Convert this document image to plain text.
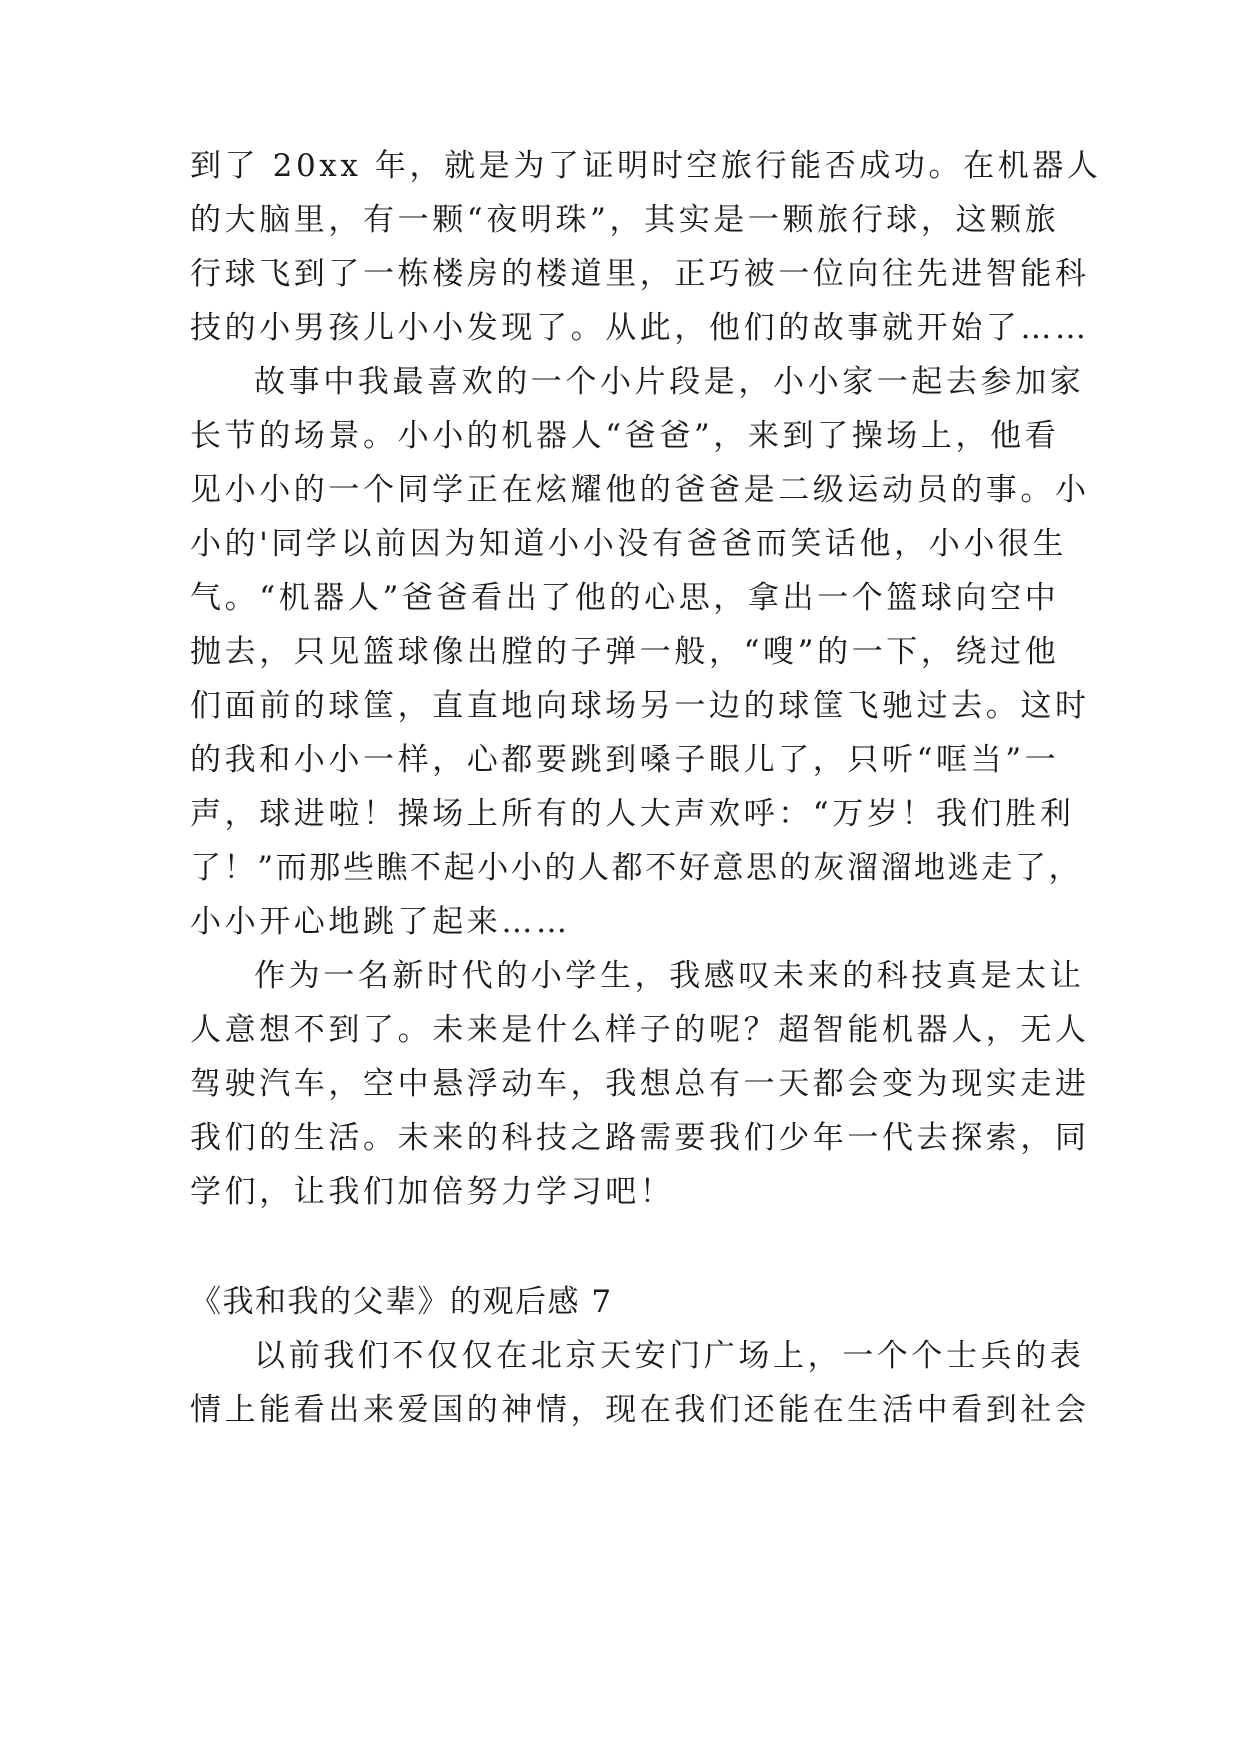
到了 20xx 年，就是为了证明时空旅行能否成功。在机器人
的大脑里，有一颗“夜明珠”，其实是一颗旅行球，这颗旅
行球飞到了一栋楼房的楼道里，正巧被一位向往先进智能科
技的小男孩儿小小发现了。从此，他们的故事就开始了……
故事中我最喜欢的一个小片段是，小小家一起去参加家
长节的场景。小小的机器人“爸爸”，来到了操场上，他看
见小小的一个同学正在炫耀他的爸爸是二级运动员的事。小
小的'同学以前因为知道小小没有爸爸而笑话他，小小很生
气。“机器人”爸爸看出了他的心思，拿出一个篮球向空中
抛去，只见篮球像出膛的子弹一般，“嗖”的一下，绕过他
们面前的球筐，直直地向球场另一边的球筐飞驰过去。这时
的我和小小一样，心都要跳到嗓子眼儿了，只听“哐当”一
声，球进啦！操场上所有的人大声欢呼：“万岁！我们胜利
了！”而那些瞧不起小小的人都不好意思的灰溜溜地逃走了，
小小开心地跳了起来……
作为一名新时代的小学生，我感叹未来的科技真是太让
人意想不到了。未来是什么样子的呢？超智能机器人，无人
驾驶汽车，空中悬浮动车，我想总有一天都会变为现实走进
我们的生活。未来的科技之路需要我们少年一代去探索，同
学们，让我们加倍努力学习吧！
《我和我的父辈》的观后感 7
以前我们不仅仅在北京天安门广场上，一个个士兵的表
情上能看出来爱国的神情，现在我们还能在生活中看到社会
